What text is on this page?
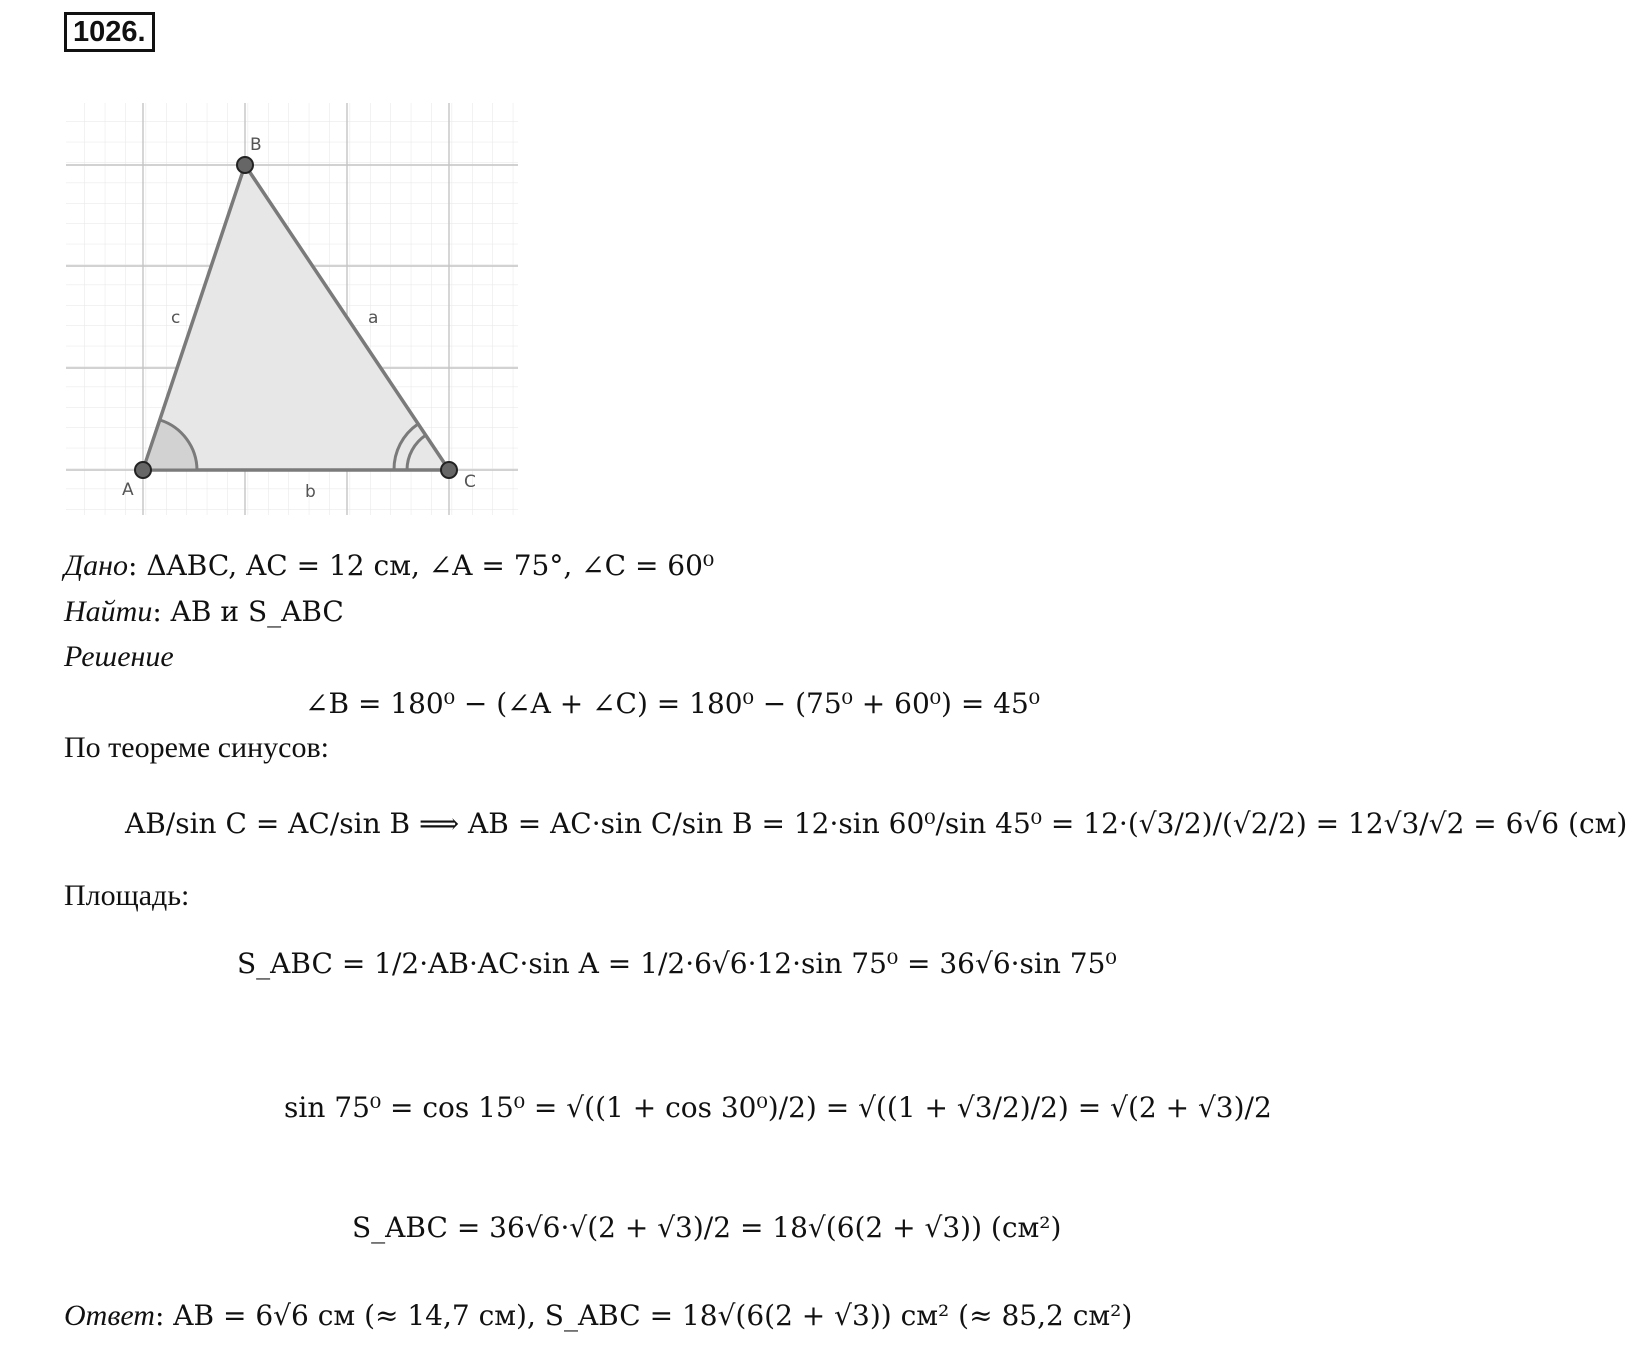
1026.
B
A	C
c	a
b
Дано: ΔABC, AC = 12 см, ∠A = 75°, ∠C = 60⁰
Найти: AB и S_ABC
Решение
∠B = 180⁰ − (∠A + ∠C) = 180⁰ − (75⁰ + 60⁰) = 45⁰
По теореме синусов:
AB/sin C = AC/sin B ⟹ AB = AC·sin C/sin B = 12·sin 60⁰/sin 45⁰ = 12·(√3/2)/(√2/2) = 12√3/√2 = 6√6 (см)
Площадь:
S_ABC = 1/2·AB·AC·sin A = 1/2·6√6·12·sin 75⁰ = 36√6·sin 75⁰
sin 75⁰ = cos 15⁰ = √((1 + cos 30⁰)/2) = √((1 + √3/2)/2) = √(2 + √3)/2
S_ABC = 36√6·√(2 + √3)/2 = 18√(6(2 + √3)) (см²)
Ответ: AB = 6√6 см (≈ 14,7 см), S_ABC = 18√(6(2 + √3)) см² (≈ 85,2 см²)
